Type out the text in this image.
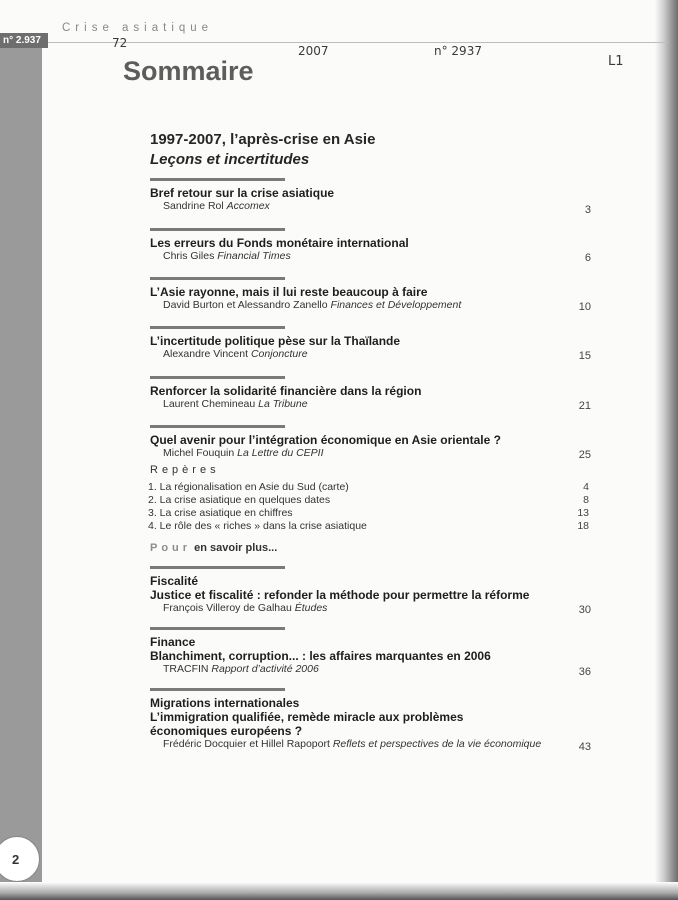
n° 2.937
Crise asiatique
72
2007	n° 2937
L1
Sommaire
1997-2007, l’après-crise en Asie
Leçons et incertitudes
Bref retour sur la crise asiatique
Sandrine Rol Accomex	3
Les erreurs du Fonds monétaire international
Chris Giles Financial Times	6
L’Asie rayonne, mais il lui reste beaucoup à faire
David Burton et Alessandro Zanello Finances et Développement	10
L’incertitude politique pèse sur la Thaïlande
Alexandre Vincent Conjoncture	15
Renforcer la solidarité financière dans la région
Laurent Chemineau La Tribune	21
Quel avenir pour l’intégration économique en Asie orientale ?
Michel Fouquin La Lettre du CEPII	25
Repères
1. La régionalisation en Asie du Sud (carte)	4
2. La crise asiatique en quelques dates	8
3. La crise asiatique en chiffres	13
4. Le rôle des « riches » dans la crise asiatique	18
Pour en savoir plus...
Fiscalité
Justice et fiscalité : refonder la méthode pour permettre la réforme
François Villeroy de Galhau Études	30
Finance
Blanchiment, corruption... : les affaires marquantes en 2006
TRACFIN Rapport d’activité 2006	36
Migrations internationales
L’immigration qualifiée, remède miracle aux problèmes économiques européens ?
Frédéric Docquier et Hillel Rapoport Reflets et perspectives de la vie économique	43
2
